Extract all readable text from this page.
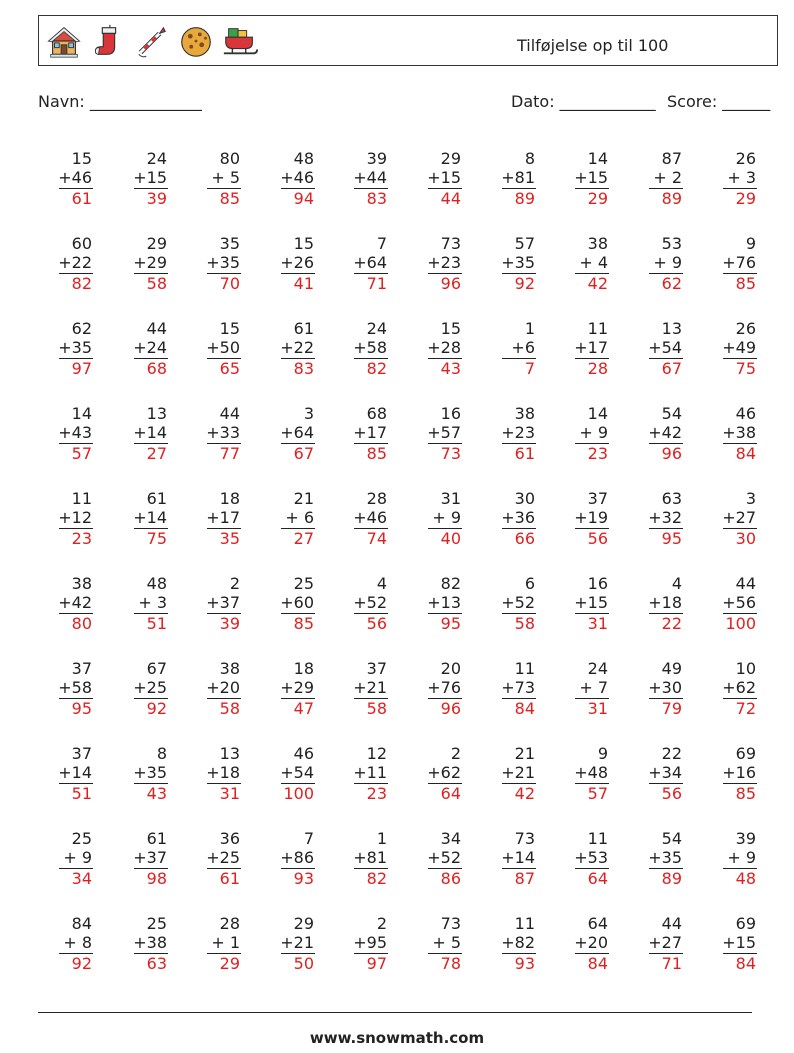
Tilføjelse op til 100
Navn: ______________	Dato: ____________ Score: ______
15
+46
61
24
+15
39
80
+ 5
85
48
+46
94
39
+44
83
29
+15
44
8
+81
89
14
+15
29
87
+ 2
89
26
+ 3
29
60
+22
82
29
+29
58
35
+35
70
15
+26
41
7
+64
71
73
+23
96
57
+35
92
38
+ 4
42
53
+ 9
62
9
+76
85
62
+35
97
44
+24
68
15
+50
65
61
+22
83
24
+58
82
15
+28
43
1
+6
7
11
+17
28
13
+54
67
26
+49
75
14
+43
57
13
+14
27
44
+33
77
3
+64
67
68
+17
85
16
+57
73
38
+23
61
14
+ 9
23
54
+42
96
46
+38
84
11
+12
23
61
+14
75
18
+17
35
21
+ 6
27
28
+46
74
31
+ 9
40
30
+36
66
37
+19
56
63
+32
95
3
+27
30
38
+42
80
48
+ 3
51
2
+37
39
25
+60
85
4
+52
56
82
+13
95
6
+52
58
16
+15
31
4
+18
22
44
+56
100
37
+58
95
67
+25
92
38
+20
58
18
+29
47
37
+21
58
20
+76
96
11
+73
84
24
+ 7
31
49
+30
79
10
+62
72
37
+14
51
8
+35
43
13
+18
31
46
+54
100
12
+11
23
2
+62
64
21
+21
42
9
+48
57
22
+34
56
69
+16
85
25
+ 9
34
61
+37
98
36
+25
61
7
+86
93
1
+81
82
34
+52
86
73
+14
87
11
+53
64
54
+35
89
39
+ 9
48
84
+ 8
92
25
+38
63
28
+ 1
29
29
+21
50
2
+95
97
73
+ 5
78
11
+82
93
64
+20
84
44
+27
71
69
+15
84
www.snowmath.com
